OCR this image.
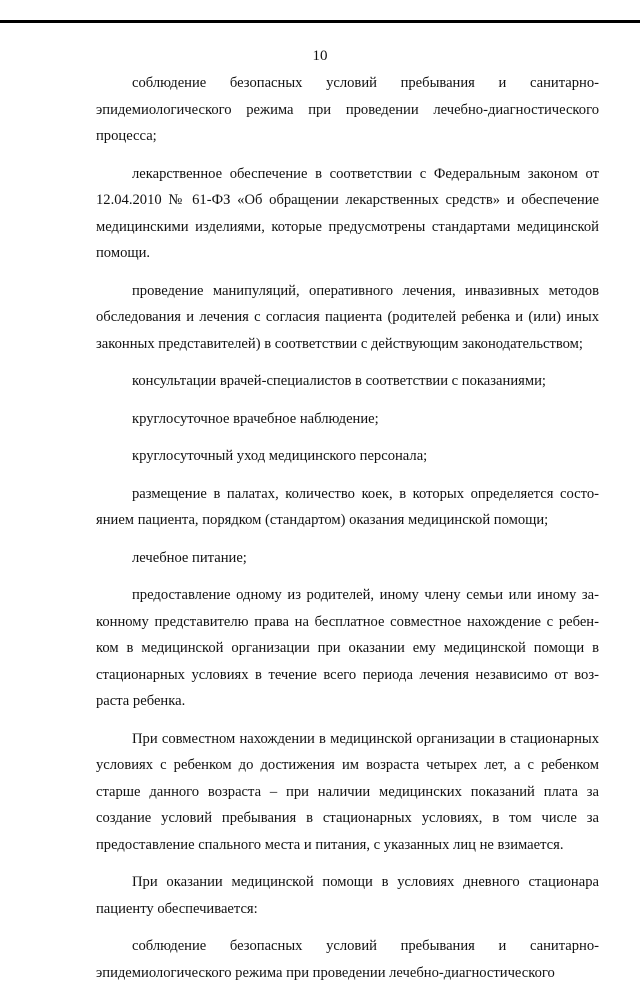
10

соблюдение безопасных условий пребывания и санитарно-эпидемиологического режима при проведении лечебно-диагностического процесса;

лекарственное обеспечение в соответствии с Федеральным законом от 12.04.2010 № 61-ФЗ «Об обращении лекарственных средств» и обеспечение медицинскими изделиями, которые предусмотрены стандартами медицинской помощи.

проведение манипуляций, оперативного лечения, инвазивных методов обследования и лечения с согласия пациента (родителей ребенка и (или) иных законных представителей) в соответствии с действующим законодательством;

консультации врачей-специалистов в соответствии с показаниями;

круглосуточное врачебное наблюдение;

круглосуточный уход медицинского персонала;

размещение в палатах, количество коек, в которых определяется состоянием пациента, порядком (стандартом) оказания медицинской помощи;

лечебное питание;

предоставление одному из родителей, иному члену семьи или иному законному представителю права на бесплатное совместное нахождение с ребенком в медицинской организации при оказании ему медицинской помощи в стационарных условиях в течение всего периода лечения независимо от возраста ребенка.

При совместном нахождении в медицинской организации в стационарных условиях с ребенком до достижения им возраста четырех лет, а с ребенком старше данного возраста – при наличии медицинских показаний плата за создание условий пребывания в стационарных условиях, в том числе за предоставление спального места и питания, с указанных лиц не взимается.

При оказании медицинской помощи в условиях дневного стационара пациенту обеспечивается:

соблюдение безопасных условий пребывания и санитарно-эпидемиологического режима при проведении лечебно-диагностического
